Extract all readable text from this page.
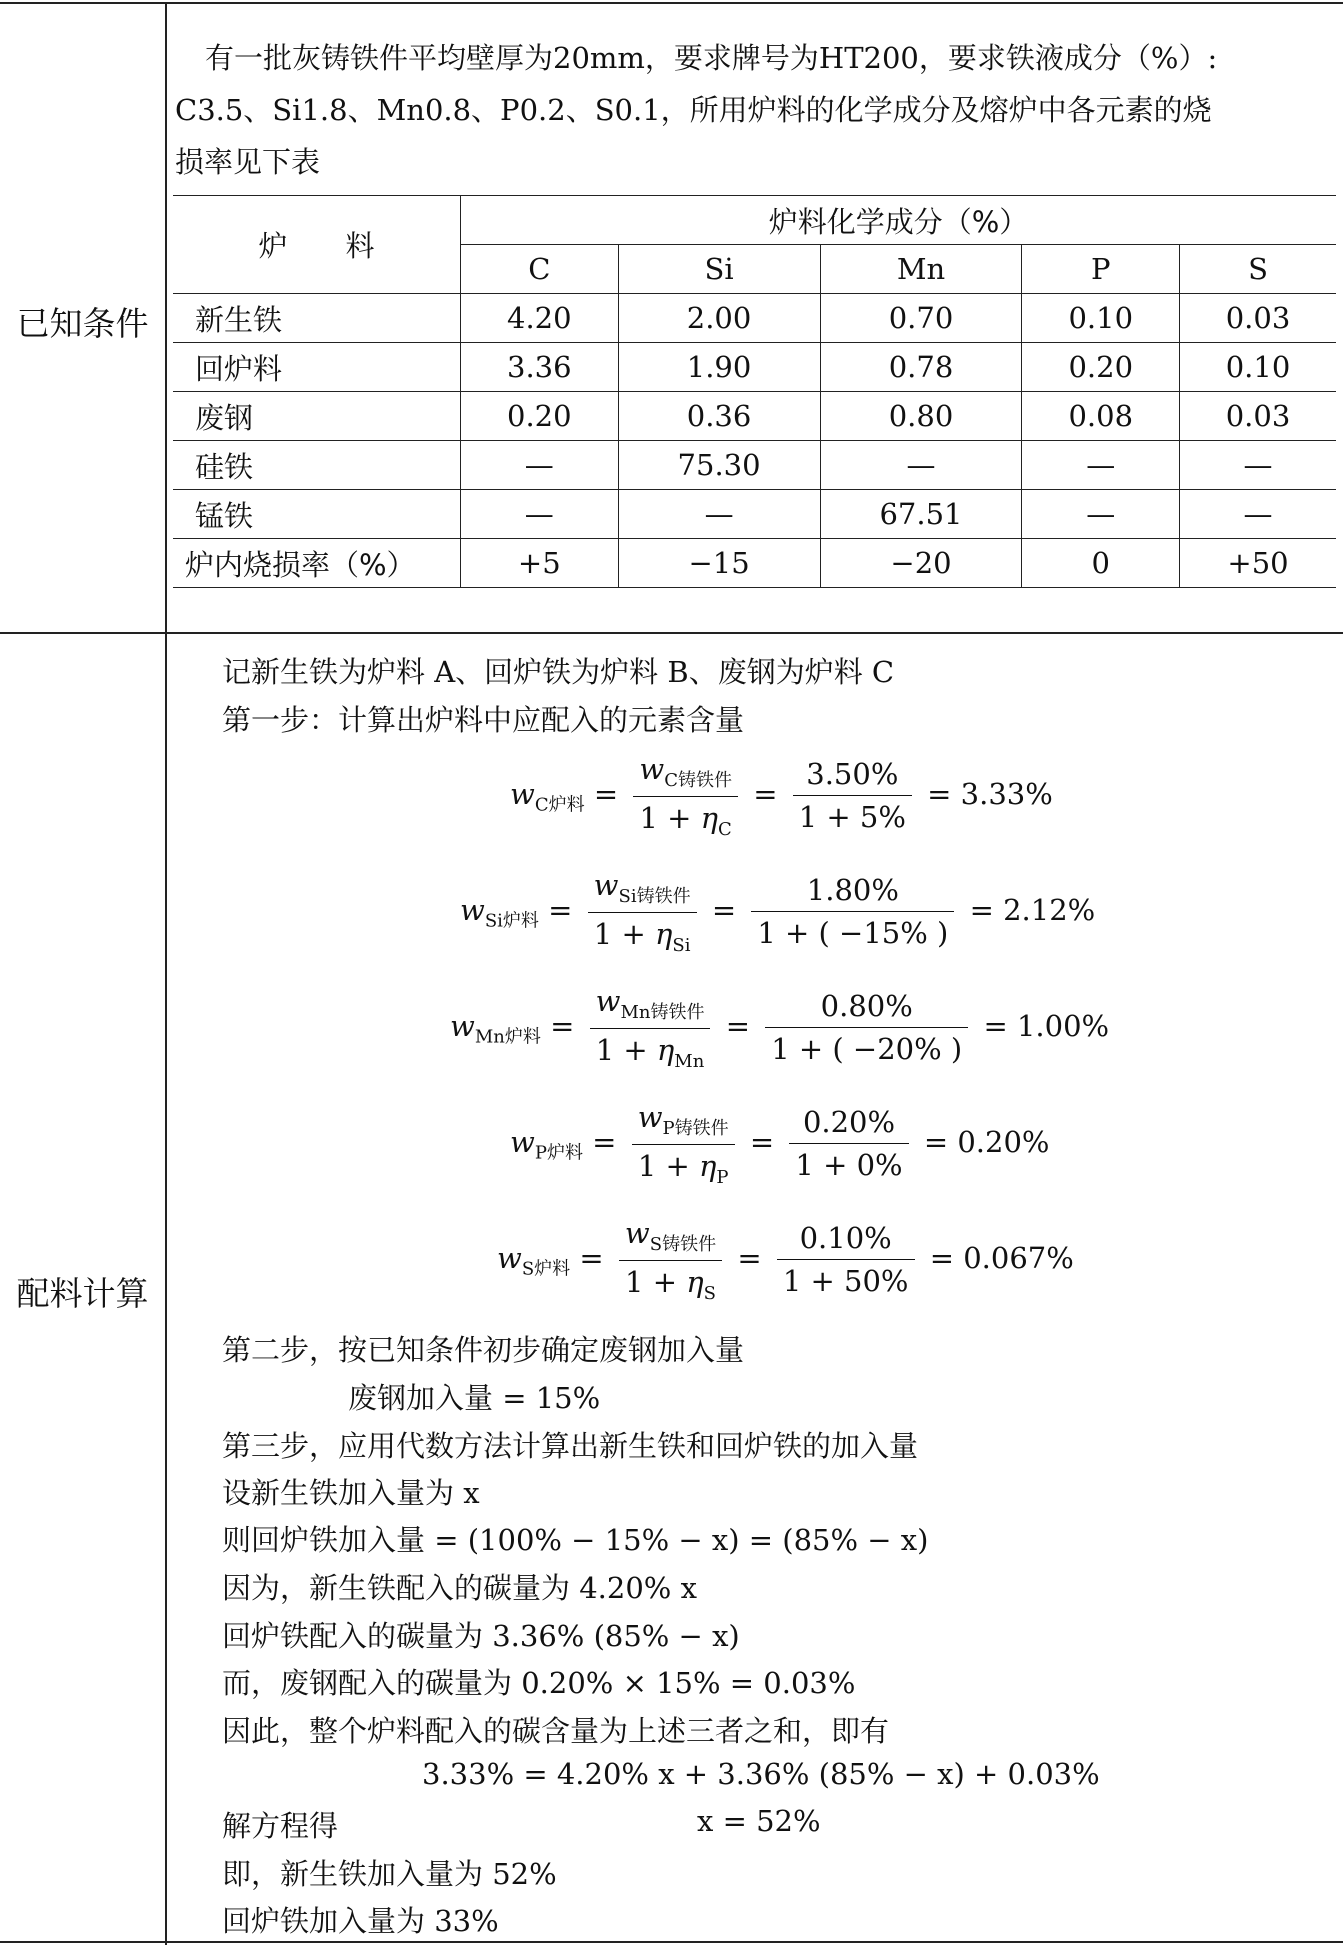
已知条件
配料计算

有一批灰铸铁件平均壁厚为20mm，要求牌号为HT200，要求铁液成分（%）:

C3.5、Si1.8、Mn0.8、P0.2、S0.1，所用炉料的化学成分及熔炉中各元素的烧

损率见下表

炉　　料	炉料化学成分（%）				
	C	Si	Mn	P	S
新生铁	4.20	2.00	0.70	0.10	0.03
回炉料	3.36	1.90	0.78	0.20	0.10
废钢	0.20	0.36	0.80	0.08	0.03
硅铁	—	75.30	—	—	—
锰铁	—	—	67.51	—	—
炉内烧损率（%）	+5	−15	−20	0	+50
记新生铁为炉料 A、回炉铁为炉料 B、废钢为炉料 C
第一步：计算出炉料中应配入的元素含量
$w_{C炉料} = \frac{w_{C铸铁件}}{1 + \eta_C} = \frac{3.50\%}{1 + 5\%} = 3.33\%$
$w_{Si炉料} = \frac{w_{Si铸铁件}}{1 + \eta_{Si}} = \frac{1.80\%}{1 + ( -15\% )} = 2.12\%$
$w_{Mn炉料} = \frac{w_{Mn铸铁件}}{1 + \eta_{Mn}} = \frac{0.80\%}{1 + ( -20\% )} = 1.00\%$
$w_{P炉料} = \frac{w_{P铸铁件}}{1 + \eta_P} = \frac{0.20\%}{1 + 0\%} = 0.20\%$
$w_{S炉料} = \frac{w_{S铸铁件}}{1 + \eta_S} = \frac{0.10\%}{1 + 50\%} = 0.067\%$
第二步，按已知条件初步确定废钢加入量
废钢加入量 = 15%
第三步，应用代数方法计算出新生铁和回炉铁的加入量
设新生铁加入量为 x
则回炉铁加入量 = (100% − 15% − x) = (85% − x)
因为，新生铁配入的碳量为 4.20% x
回炉铁配入的碳量为 3.36% (85% − x)
而，废钢配入的碳量为 0.20% × 15% = 0.03%
因此，整个炉料配入的碳含量为上述三者之和，即有
3.33% = 4.20% x + 3.36% (85% − x) + 0.03%
解方程得	x = 52%
即，新生铁加入量为 52%
回炉铁加入量为 33%
